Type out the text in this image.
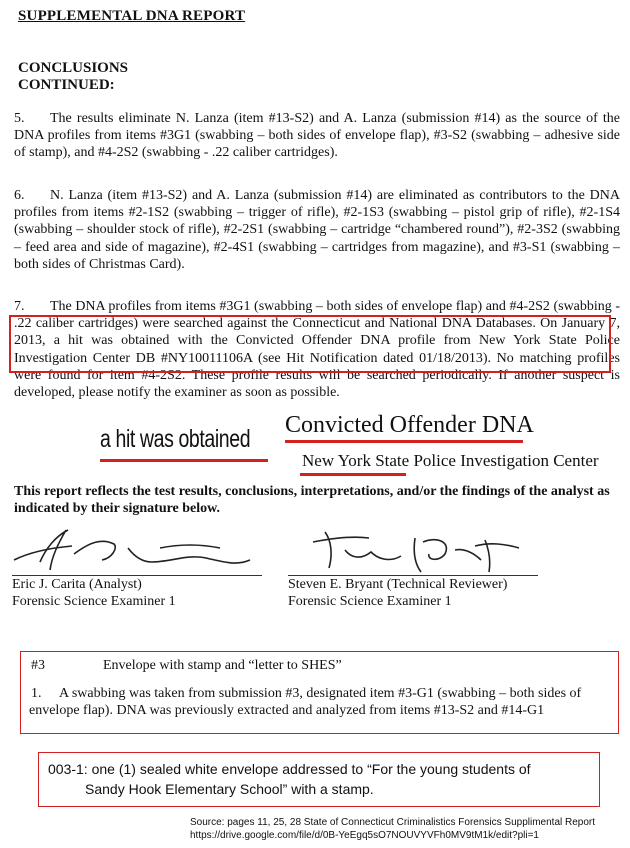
SUPPLEMENTAL DNA REPORT
CONCLUSIONS
CONTINUED:
5. The results eliminate N. Lanza (item #13-S2) and A. Lanza (submission #14) as the source of the DNA profiles from items #3G1 (swabbing – both sides of envelope flap), #3-S2 (swabbing – adhesive side of stamp), and #4-2S2 (swabbing - .22 caliber cartridges).
6. N. Lanza (item #13-S2) and A. Lanza (submission #14) are eliminated as contributors to the DNA profiles from items #2-1S2 (swabbing – trigger of rifle), #2-1S3 (swabbing – pistol grip of rifle), #2-1S4 (swabbing – shoulder stock of rifle), #2-2S1 (swabbing – cartridge “chambered round”), #2-3S2 (swabbing – feed area and side of magazine), #2-4S1 (swabbing – cartridges from magazine), and #3-S1 (swabbing – both sides of Christmas Card).
7. The DNA profiles from items #3G1 (swabbing – both sides of envelope flap) and #4-2S2 (swabbing - .22 caliber cartridges) were searched against the Connecticut and National DNA Databases. On January 7, 2013, a hit was obtained with the Convicted Offender DNA profile from New York State Police Investigation Center DB #NY10011106A (see Hit Notification dated 01/18/2013). No matching profiles were found for item #4-2S2. These profile results will be searched periodically. If another suspect is developed, please notify the examiner as soon as possible.
a hit was obtained Convicted Offender DNA
New York State Police Investigation Center
This report reflects the test results, conclusions, interpretations, and/or the findings of the analyst as indicated by their signature below.
Eric J. Carita (Analyst)
Forensic Science Examiner 1
Steven E. Bryant (Technical Reviewer)
Forensic Science Examiner 1
#3	Envelope with stamp and “letter to SHES”
1. A swabbing was taken from submission #3, designated item #3-G1 (swabbing – both sides of envelope flap). DNA was previously extracted and analyzed from items #13-S2 and #14-G1
003-1: one (1) sealed white envelope addressed to “For the young students of
Sandy Hook Elementary School” with a stamp.
Source: pages 11, 25, 28 State of Connecticut Criminalistics Forensics Supplimental Report
https://drive.google.com/file/d/0B-YeEgq5sO7NOUVYVFh0MV9tM1k/edit?pli=1
